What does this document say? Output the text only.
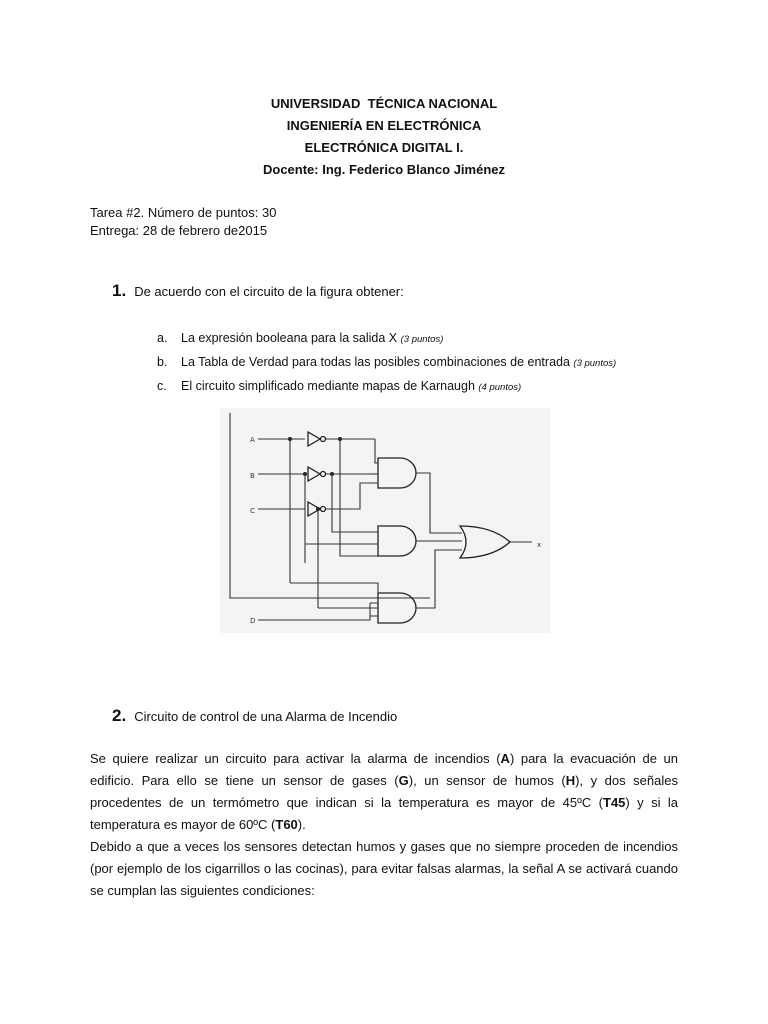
UNIVERSIDAD  TÉCNICA NACIONAL
INGENIERÍA EN ELECTRÓNICA
ELECTRÓNICA DIGITAL I.
Docente: Ing. Federico Blanco Jiménez
Tarea #2. Número de puntos: 30
Entrega: 28 de febrero de2015
1. De acuerdo con el circuito de la figura obtener:
a.	La expresión booleana para la salida X (3 puntos)
b.	La Tabla de Verdad para todas las posibles combinaciones de entrada (3 puntos)
c.	El circuito simplificado mediante mapas de Karnaugh (4 puntos)
A
B
C
D
x
2. Circuito de control de una Alarma de Incendio
Se quiere realizar un circuito para activar la alarma de incendios (A) para la evacuación de un edificio. Para ello se tiene un sensor de gases (G), un sensor de humos (H), y dos señales procedentes de un termómetro que indican si la temperatura es mayor de 45ºC (T45) y si la temperatura es mayor de 60ºC (T60).
Debido a que a veces los sensores detectan humos y gases que no siempre proceden de incendios (por ejemplo de los cigarrillos o las cocinas), para evitar falsas alarmas, la señal A se activará cuando se cumplan las siguientes condiciones:
